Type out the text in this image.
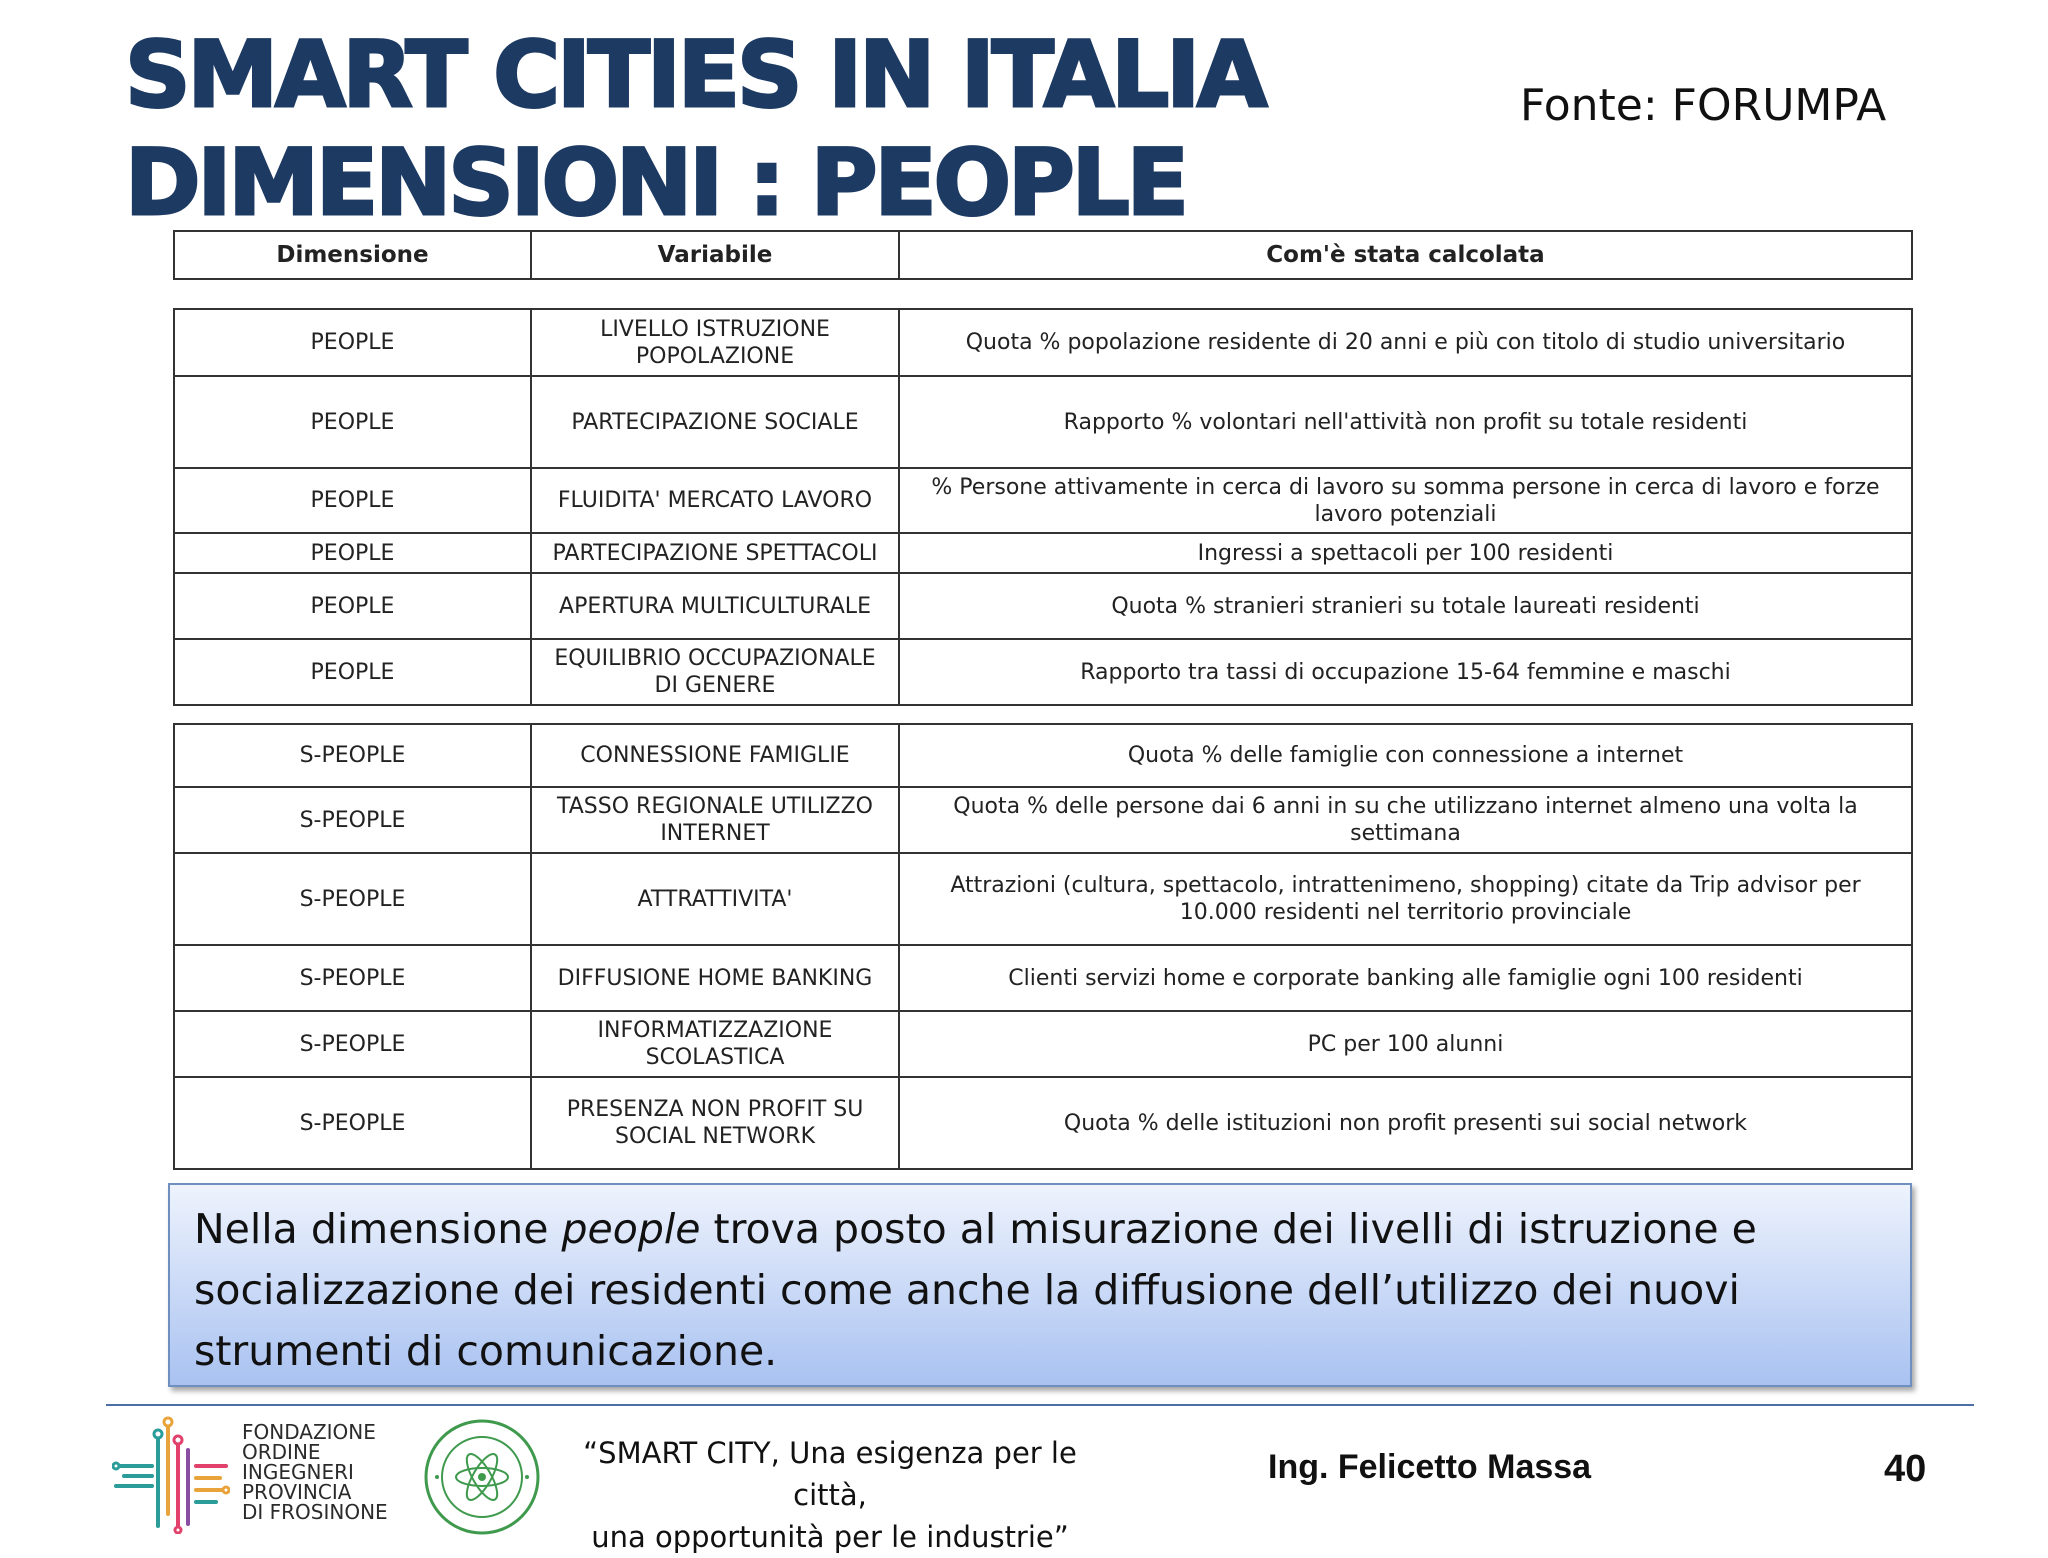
SMART CITIES IN ITALIA
DIMENSIONI : PEOPLE
Fonte: FORUMPA
Dimensione	Variabile	Com'è stata calcolata
PEOPLE	LIVELLO ISTRUZIONE POPOLAZIONE	Quota % popolazione residente di 20 anni e più con titolo di studio universitario
PEOPLE	PARTECIPAZIONE SOCIALE	Rapporto % volontari nell'attività non profit su totale residenti
PEOPLE	FLUIDITA' MERCATO LAVORO	% Persone attivamente in cerca di lavoro su somma persone in cerca di lavoro e forze lavoro potenziali
PEOPLE	PARTECIPAZIONE SPETTACOLI	Ingressi a spettacoli per 100 residenti
PEOPLE	APERTURA MULTICULTURALE	Quota % stranieri stranieri su totale laureati residenti
PEOPLE	EQUILIBRIO OCCUPAZIONALE DI GENERE	Rapporto tra tassi di occupazione 15-64 femmine e maschi
S-PEOPLE	CONNESSIONE FAMIGLIE	Quota % delle famiglie con connessione a internet
S-PEOPLE	TASSO REGIONALE UTILIZZO INTERNET	Quota % delle persone dai 6 anni in su che utilizzano internet almeno una volta la settimana
S-PEOPLE	ATTRATTIVITA'	Attrazioni (cultura, spettacolo, intrattenimeno, shopping) citate da Trip advisor per 10.000 residenti nel territorio provinciale
S-PEOPLE	DIFFUSIONE HOME BANKING	Clienti servizi home e corporate banking alle famiglie ogni 100 residenti
S-PEOPLE	INFORMATIZZAZIONE SCOLASTICA	PC per 100 alunni
S-PEOPLE	PRESENZA NON PROFIT SU SOCIAL NETWORK	Quota % delle istituzioni non profit presenti sui social network
Nella dimensione people trova posto al misurazione dei livelli di istruzione e socializzazione dei residenti come anche la diffusione dell’utilizzo dei nuovi strumenti di comunicazione.
FONDAZIONE
ORDINE
INGEGNERI
PROVINCIA
DI FROSINONE
“SMART CITY, Una esigenza per le città,
una opportunità per le industrie”
Ing. Felicetto Massa	40
